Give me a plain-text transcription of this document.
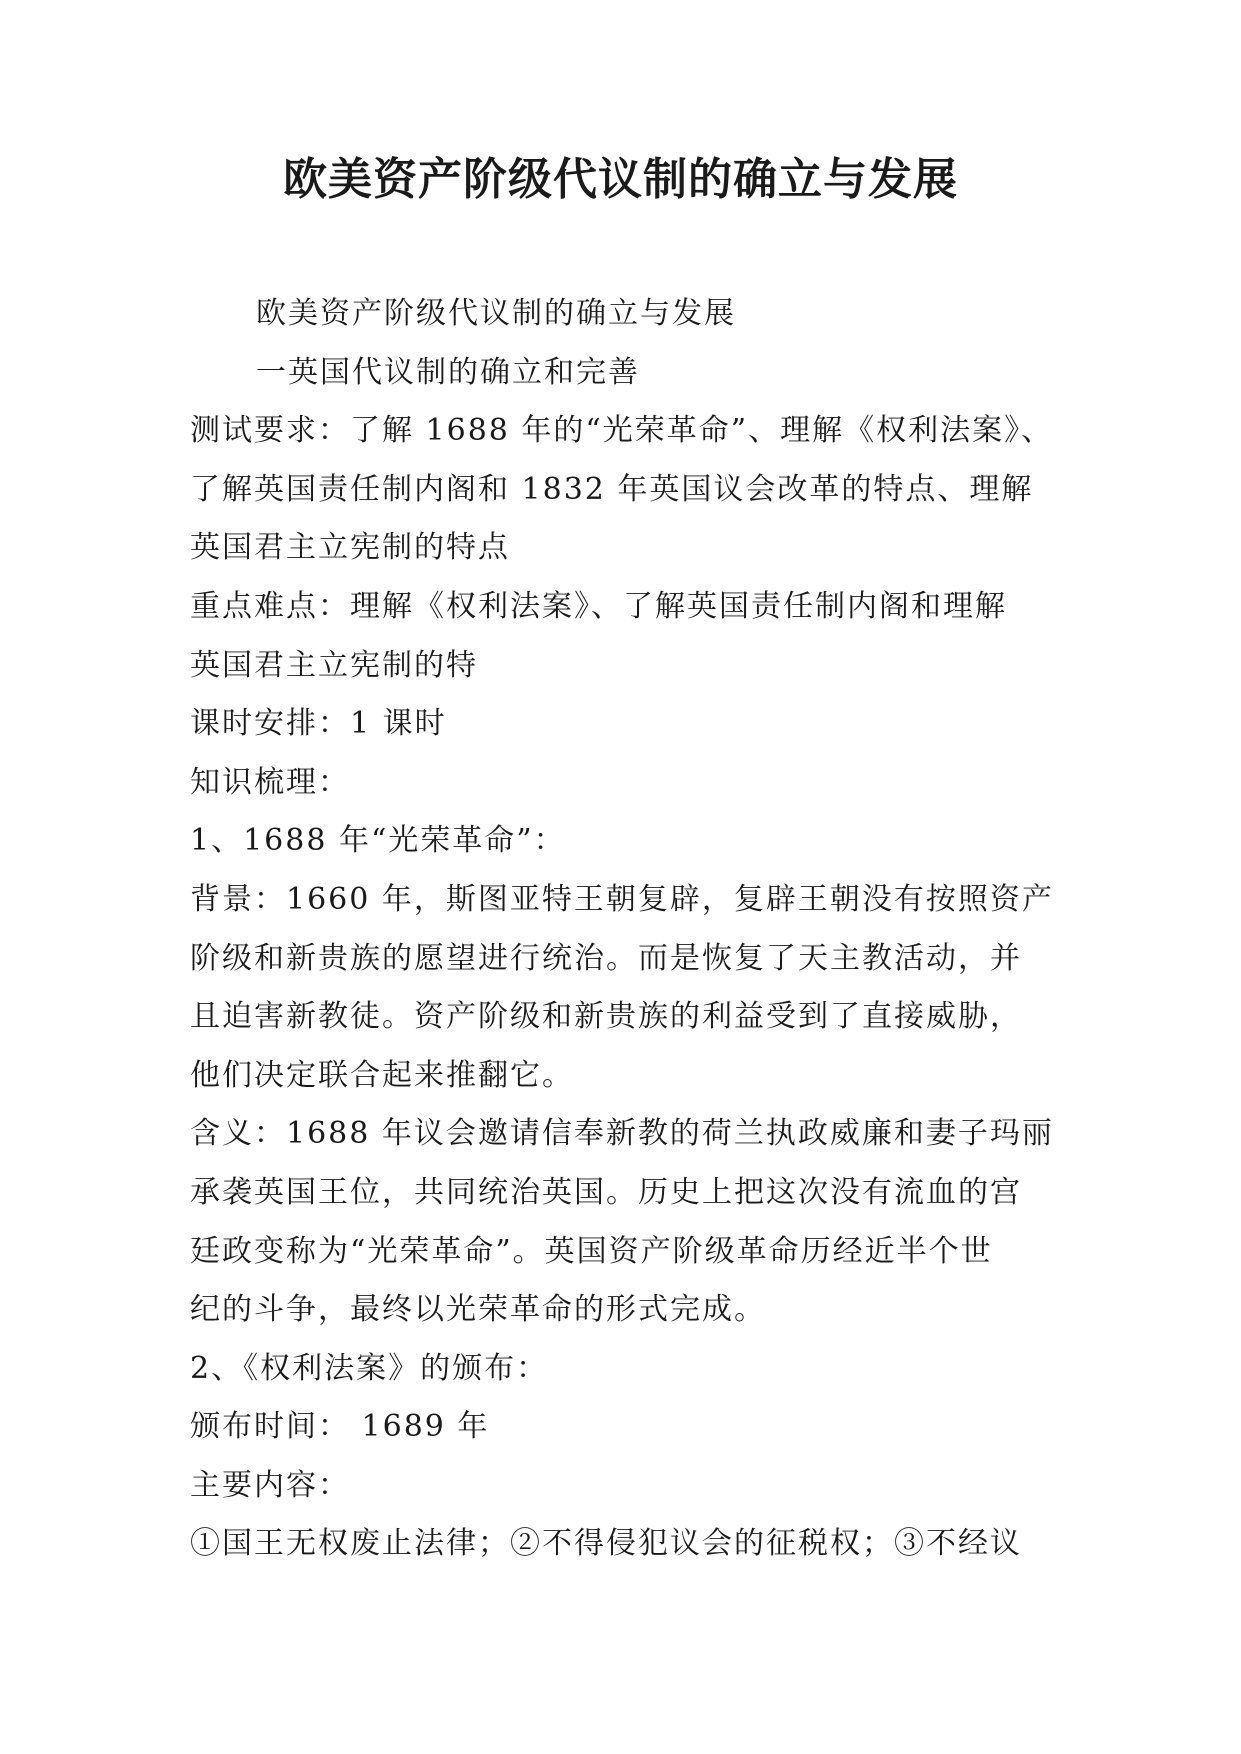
欧美资产阶级代议制的确立与发展

欧美资产阶级代议制的确立与发展

一英国代议制的确立和完善

测试要求：了解 1688 年的“光荣革命”、理解《权利法案》、

了解英国责任制内阁和 1832 年英国议会改革的特点、理解

英国君主立宪制的特点

重点难点：理解《权利法案》、了解英国责任制内阁和理解

英国君主立宪制的特

课时安排：1 课时

知识梳理：

1、1688 年“光荣革命”：

背景：1660 年，斯图亚特王朝复辟，复辟王朝没有按照资产

阶级和新贵族的愿望进行统治。而是恢复了天主教活动，并

且迫害新教徒。资产阶级和新贵族的利益受到了直接威胁，

他们决定联合起来推翻它。

含义：1688 年议会邀请信奉新教的荷兰执政威廉和妻子玛丽

承袭英国王位，共同统治英国。历史上把这次没有流血的宫

廷政变称为“光荣革命”。英国资产阶级革命历经近半个世

纪的斗争，最终以光荣革命的形式完成。

2、《权利法案》的颁布：

颁布时间： 1689 年

主要内容：

①国王无权废止法律；②不得侵犯议会的征税权；③不经议
